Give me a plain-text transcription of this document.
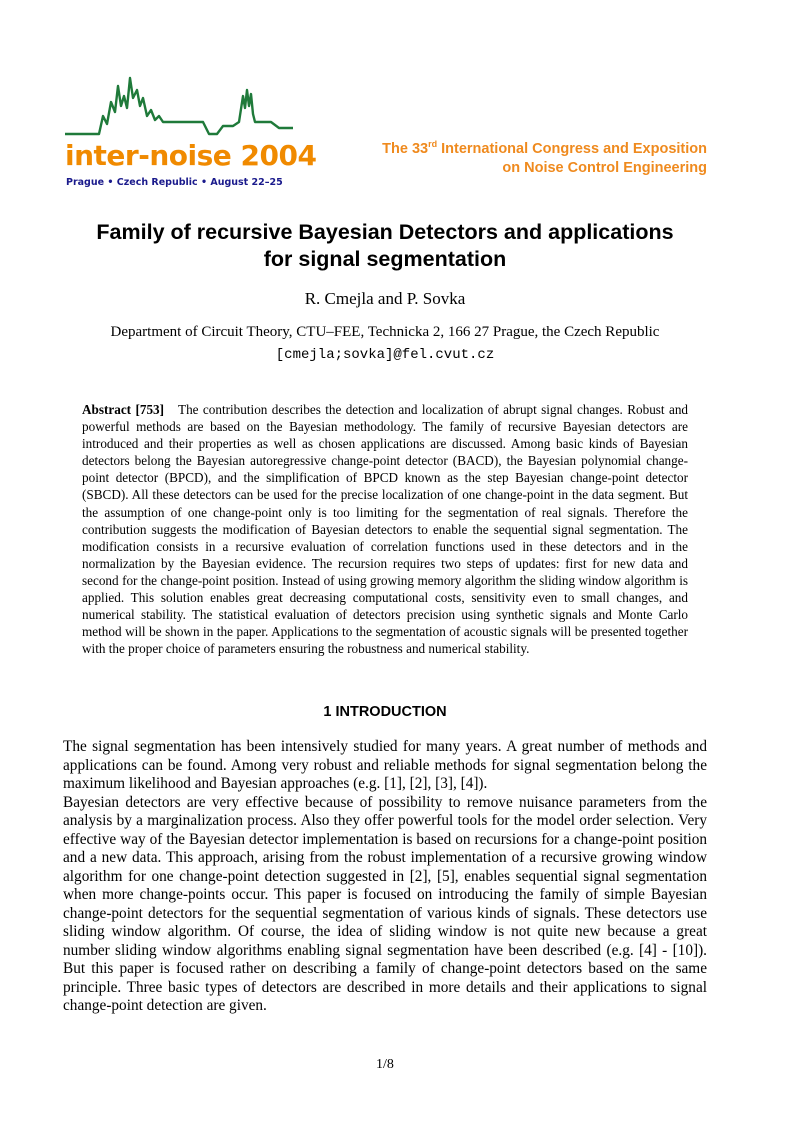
inter-noise 2004
Prague • Czech Republic • August 22–25
The 33rd International Congress and Exposition
on Noise Control Engineering
Family of recursive Bayesian Detectors and applications
for signal segmentation
R. Cmejla and P. Sovka
Department of Circuit Theory, CTU–FEE, Technicka 2, 166 27 Prague, the Czech Republic
[cmejla;sovka]@fel.cvut.cz
Abstract [753] The contribution describes the detection and localization of abrupt signal changes. Robust and powerful methods are based on the Bayesian methodology. The family of recursive Bayesian detectors are introduced and their properties as well as chosen applications are discussed. Among basic kinds of Bayesian detectors belong the Bayesian autoregressive change-point detector (BACD), the Bayesian polynomial change-point detector (BPCD), and the simplification of BPCD known as the step Bayesian change-point detector (SBCD). All these detectors can be used for the precise localization of one change-point in the data segment. But the assumption of one change-point only is too limiting for the segmentation of real signals. Therefore the contribution suggests the modification of Bayesian detectors to enable the sequential signal segmentation. The modification consists in a recursive evaluation of correlation functions used in these detectors and in the normalization by the Bayesian evidence. The recursion requires two steps of updates: first for new data and second for the change-point position. Instead of using growing memory algorithm the sliding window algorithm is applied. This solution enables great decreasing computational costs, sensitivity even to small changes, and numerical stability. The statistical evaluation of detectors precision using synthetic signals and Monte Carlo method will be shown in the paper. Applications to the segmentation of acoustic signals will be presented together with the proper choice of parameters ensuring the robustness and numerical stability.
1 INTRODUCTION

The signal segmentation has been intensively studied for many years. A great number of methods and applications can be found. Among very robust and reliable methods for signal segmentation belong the maximum likelihood and Bayesian approaches (e.g. [1], [2], [3], [4]).

Bayesian detectors are very effective because of possibility to remove nuisance parameters from the analysis by a marginalization process. Also they offer powerful tools for the model order selection. Very effective way of the Bayesian detector implementation is based on recursions for a change-point position and a new data. This approach, arising from the robust implementation of a recursive growing window algorithm for one change-point detection suggested in [2], [5], enables sequential signal segmentation when more change-points occur. This paper is focused on introducing the family of simple Bayesian change-point detectors for the sequential segmentation of various kinds of signals. These detectors use sliding window algorithm. Of course, the idea of sliding window is not quite new because a great number sliding window algorithms enabling signal segmentation have been described (e.g. [4] - [10]). But this paper is focused rather on describing a family of change-point detectors based on the same principle. Three basic types of detectors are described in more details and their applications to signal change-point detection are given.

1/8
